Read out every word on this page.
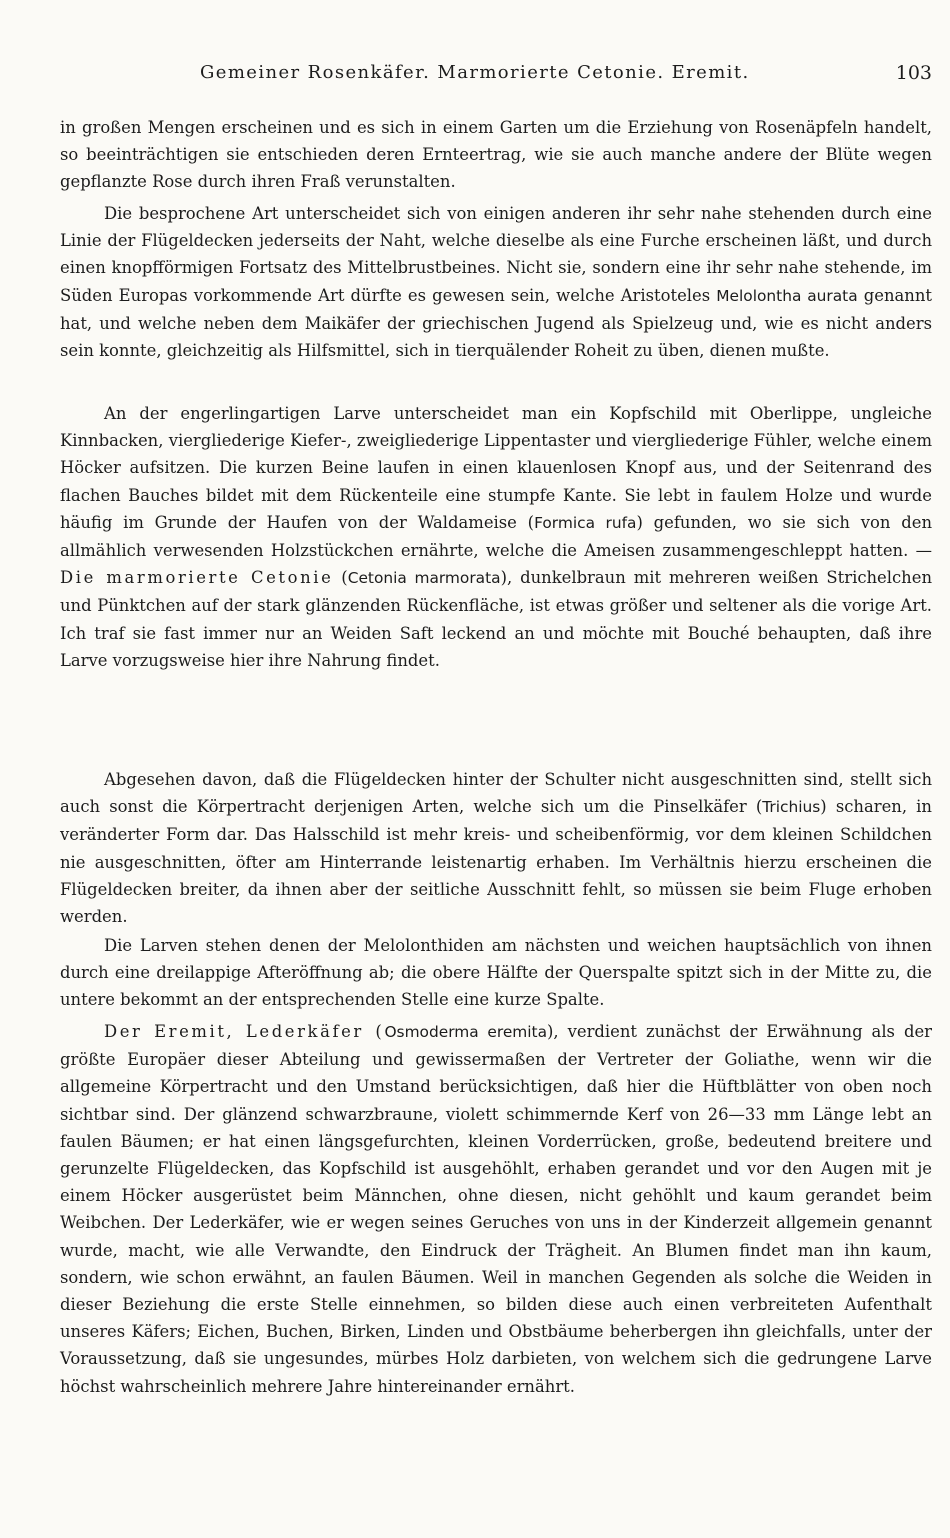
Gemeiner Rosenkäfer. Marmorierte Cetonie. Eremit.	103

in großen Mengen erscheinen und es sich in einem Garten um die Erziehung von Rosenäpfeln handelt, so beeinträchtigen sie entschieden deren Ernteertrag, wie sie auch manche andere der Blüte wegen gepflanzte Rose durch ihren Fraß verunstalten.

Die besprochene Art unterscheidet sich von einigen anderen ihr sehr nahe stehenden durch eine Linie der Flügeldecken jederseits der Naht, welche dieselbe als eine Furche erscheinen läßt, und durch einen knopfförmigen Fortsatz des Mittelbrustbeines. Nicht sie, sondern eine ihr sehr nahe stehende, im Süden Europas vorkommende Art dürfte es gewesen sein, welche Aristoteles Melolontha aurata genannt hat, und welche neben dem Maikäfer der griechischen Jugend als Spielzeug und, wie es nicht anders sein konnte, gleichzeitig als Hilfsmittel, sich in tierquälender Roheit zu üben, dienen mußte.

An der engerlingartigen Larve unterscheidet man ein Kopfschild mit Oberlippe, ungleiche Kinnbacken, viergliederige Kiefer-, zweigliederige Lippentaster und viergliederige Fühler, welche einem Höcker aufsitzen. Die kurzen Beine laufen in einen klauenlosen Knopf aus, und der Seitenrand des flachen Bauches bildet mit dem Rückenteile eine stumpfe Kante. Sie lebt in faulem Holze und wurde häufig im Grunde der Haufen von der Waldameise (Formica rufa) gefunden, wo sie sich von den allmählich verwesenden Holzstückchen ernährte, welche die Ameisen zusammengeschleppt hatten. — Die marmorierte Cetonie (Cetonia marmorata), dunkelbraun mit mehreren weißen Strichelchen und Pünktchen auf der stark glänzenden Rückenfläche, ist etwas größer und seltener als die vorige Art. Ich traf sie fast immer nur an Weiden Saft leckend an und möchte mit Bouché behaupten, daß ihre Larve vorzugsweise hier ihre Nahrung findet.

Abgesehen davon, daß die Flügeldecken hinter der Schulter nicht ausgeschnitten sind, stellt sich auch sonst die Körpertracht derjenigen Arten, welche sich um die Pinselkäfer (Trichius) scharen, in veränderter Form dar. Das Halsschild ist mehr kreis- und scheibenförmig, vor dem kleinen Schildchen nie ausgeschnitten, öfter am Hinterrande leistenartig erhaben. Im Verhältnis hierzu erscheinen die Flügeldecken breiter, da ihnen aber der seitliche Ausschnitt fehlt, so müssen sie beim Fluge erhoben werden.

Die Larven stehen denen der Melolonthiden am nächsten und weichen hauptsächlich von ihnen durch eine dreilappige Afteröffnung ab; die obere Hälfte der Querspalte spitzt sich in der Mitte zu, die untere bekommt an der entsprechenden Stelle eine kurze Spalte.

Der Eremit, Lederkäfer (Osmoderma eremita), verdient zunächst der Erwähnung als der größte Europäer dieser Abteilung und gewissermaßen der Vertreter der Goliathe, wenn wir die allgemeine Körpertracht und den Umstand berücksichtigen, daß hier die Hüftblätter von oben noch sichtbar sind. Der glänzend schwarzbraune, violett schimmernde Kerf von 26—33 mm Länge lebt an faulen Bäumen; er hat einen längsgefurchten, kleinen Vorderrücken, große, bedeutend breitere und gerunzelte Flügeldecken, das Kopfschild ist ausgehöhlt, erhaben gerandet und vor den Augen mit je einem Höcker ausgerüstet beim Männchen, ohne diesen, nicht gehöhlt und kaum gerandet beim Weibchen. Der Lederkäfer, wie er wegen seines Geruches von uns in der Kinderzeit allgemein genannt wurde, macht, wie alle Verwandte, den Eindruck der Trägheit. An Blumen findet man ihn kaum, sondern, wie schon erwähnt, an faulen Bäumen. Weil in manchen Gegenden als solche die Weiden in dieser Beziehung die erste Stelle einnehmen, so bilden diese auch einen verbreiteten Aufenthalt unseres Käfers; Eichen, Buchen, Birken, Linden und Obstbäume beherbergen ihn gleichfalls, unter der Voraussetzung, daß sie ungesundes, mürbes Holz darbieten, von welchem sich die gedrungene Larve höchst wahrscheinlich mehrere Jahre hintereinander ernährt.
